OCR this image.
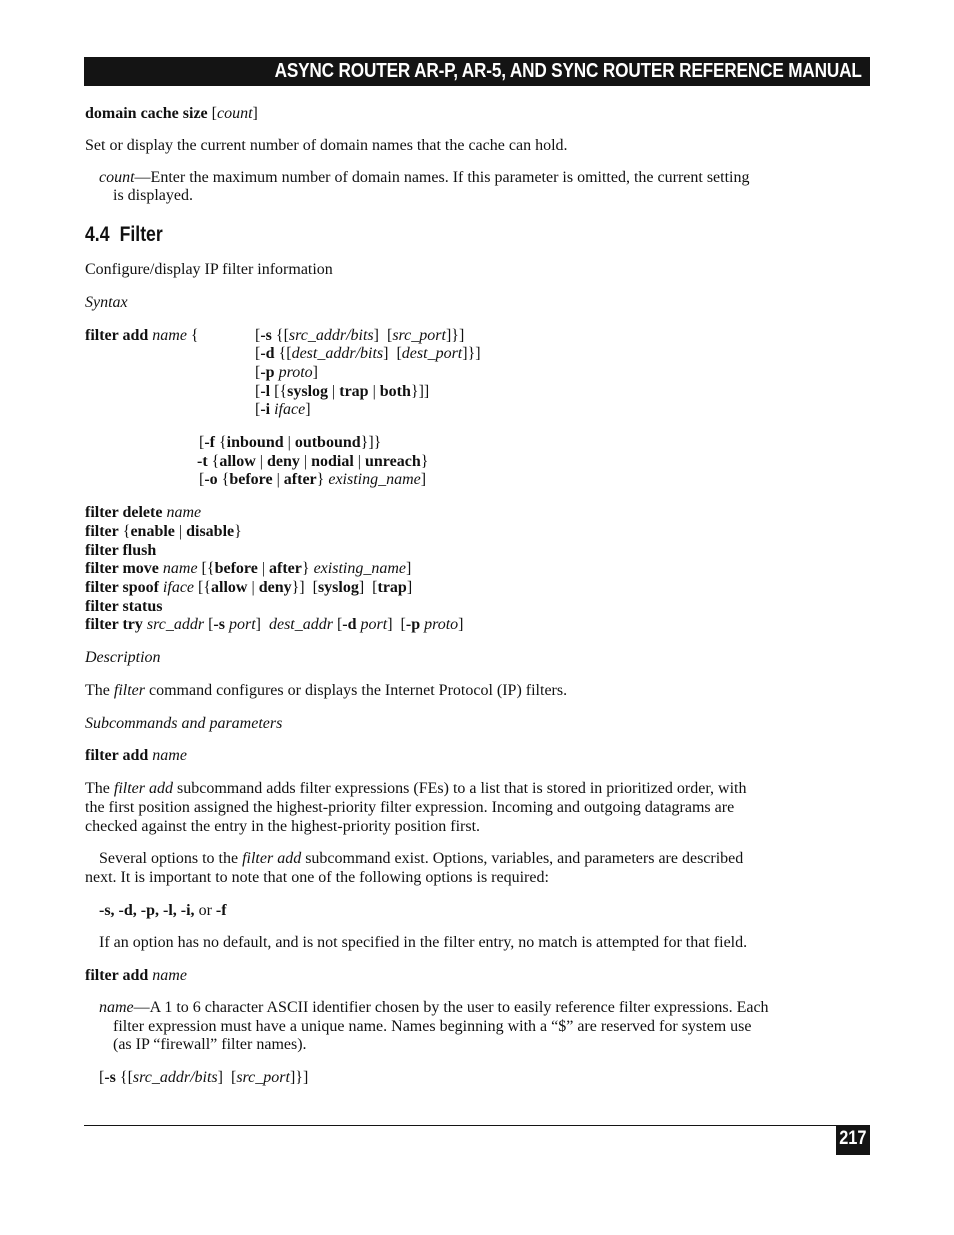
ASYNC ROUTER AR-P, AR-5, AND SYNC ROUTER REFERENCE MANUAL
domain cache size [count]
Set or display the current number of domain names that the cache can hold.
count—Enter the maximum number of domain names. If this parameter is omitted, the current setting
is displayed.
4.4 Filter
Configure/display IP filter information
Syntax
filter add name {	[-s {[src_addr/bits]  [src_port]}]
[-d {[dest_addr/bits]  [dest_port]}]
[-p proto]
[-l [{syslog | trap | both}]]
[-i iface]
[-f {inbound | outbound}]}
-t {allow | deny | nodial | unreach}
[-o {before | after} existing_name]
filter delete name
filter {enable | disable}
filter flush
filter move name [{before | after} existing_name]
filter spoof iface [{allow | deny}]  [syslog]  [trap]
filter status
filter try src_addr [-s port]  dest_addr [-d port]  [-p proto]
Description
The filter command configures or displays the Internet Protocol (IP) filters.
Subcommands and parameters
filter add name
The filter add subcommand adds filter expressions (FEs) to a list that is stored in prioritized order, with
the first position assigned the highest-priority filter expression. Incoming and outgoing datagrams are
checked against the entry in the highest-priority position first.
Several options to the filter add subcommand exist. Options, variables, and parameters are described
next. It is important to note that one of the following options is required:
-s, -d, -p, -l, -i, or -f
If an option has no default, and is not specified in the filter entry, no match is attempted for that field.
filter add name
name—A 1 to 6 character ASCII identifier chosen by the user to easily reference filter expressions. Each
filter expression must have a unique name. Names beginning with a “$” are reserved for system use
(as IP “firewall” filter names).
[-s {[src_addr/bits]  [src_port]}]
217
